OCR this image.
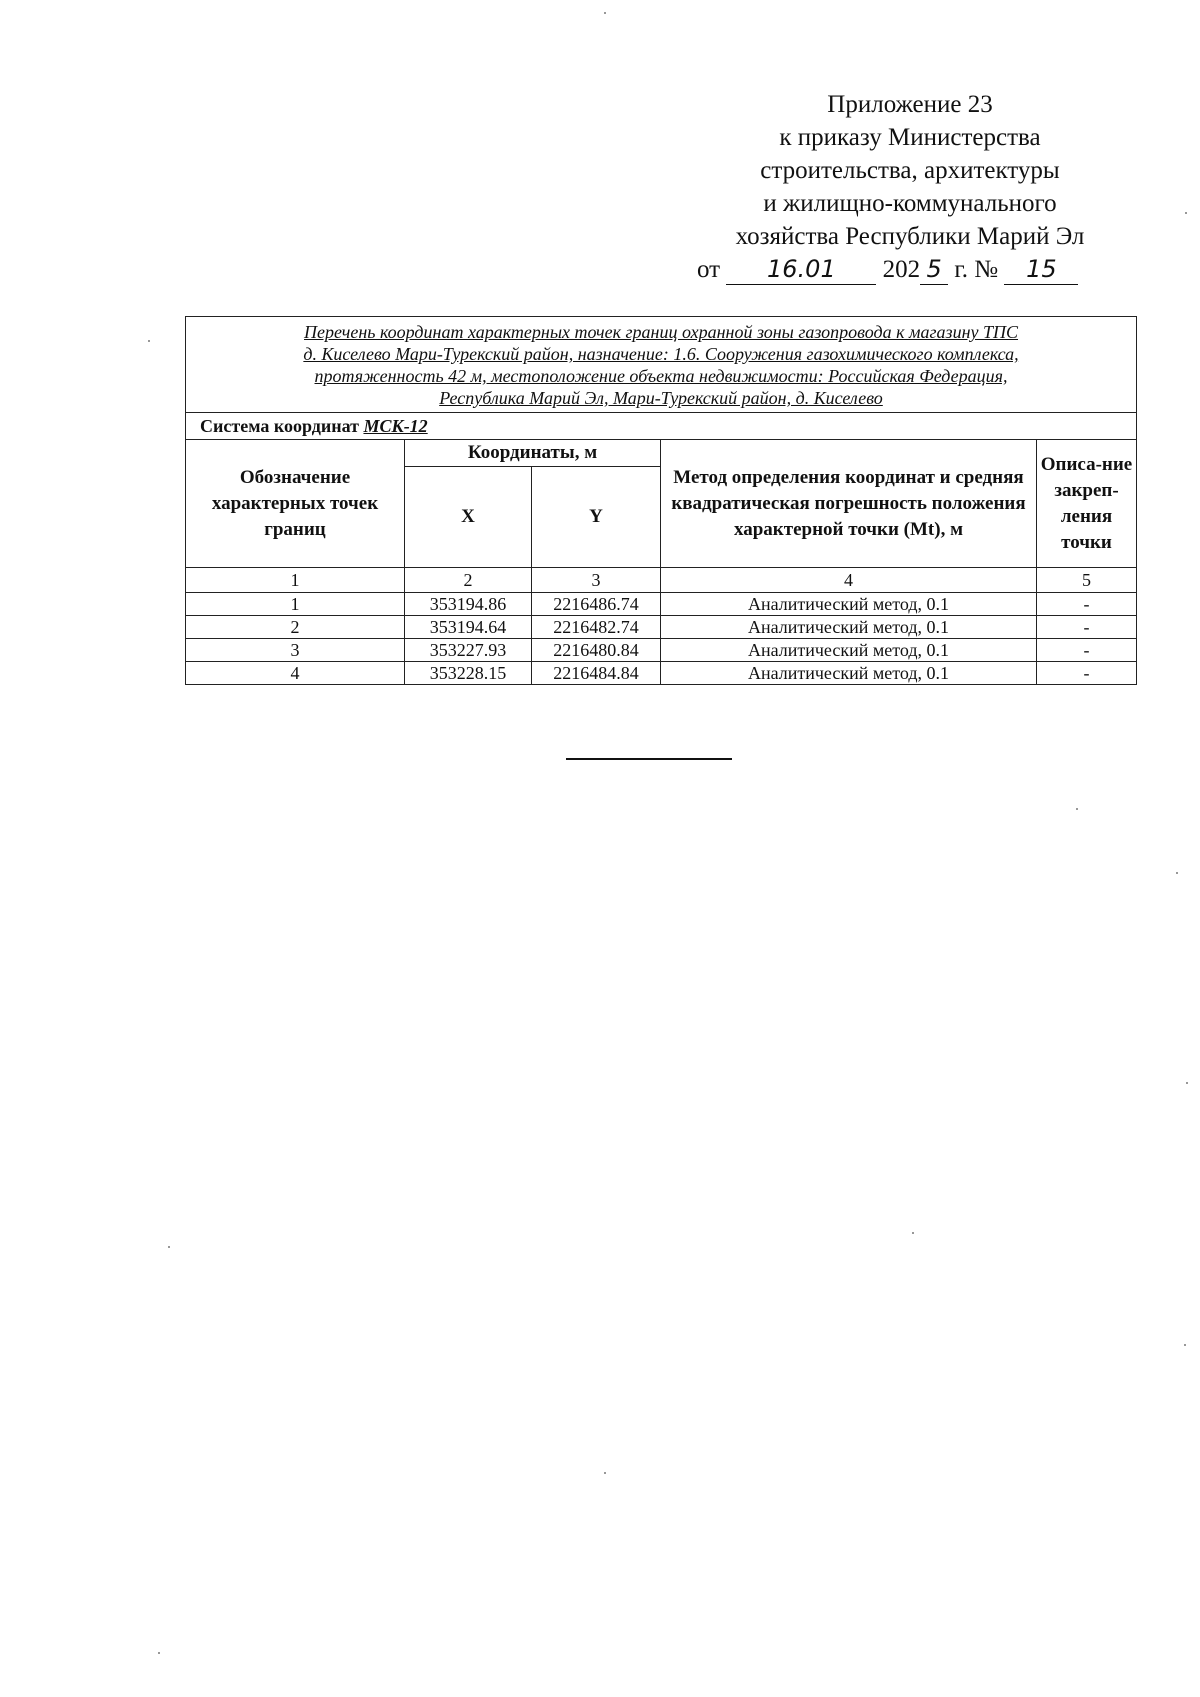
Приложение 23
к приказу Министерства
строительства, архитектуры
и жилищно-коммунального
хозяйства Республики Марий Эл
от 16.01 202 5 г. № 15
Перечень координат характерных точек границ охранной зоны газопровода к магазину ТПС
д. Киселево Мари-Турекский район, назначение: 1.6. Сооружения газохимического комплекса,
протяженность 42 м, местоположение объекта недвижимости: Российская Федерация,
Республика Марий Эл, Мари-Турекский район, д. Киселево				

Система координат МСК-12				
Обозначение характерных точек границ	Координаты, м		Метод определения координат и средняя квадратическая погрешность положения характерной точки (Mt), м	Описа-ние закреп-ления точки
	X	Y		
1	2	3	4	5
1	353194.86	2216486.74	Аналитический метод, 0.1	-
2	353194.64	2216482.74	Аналитический метод, 0.1	-
3	353227.93	2216480.84	Аналитический метод, 0.1	-
4	353228.15	2216484.84	Аналитический метод, 0.1	-
